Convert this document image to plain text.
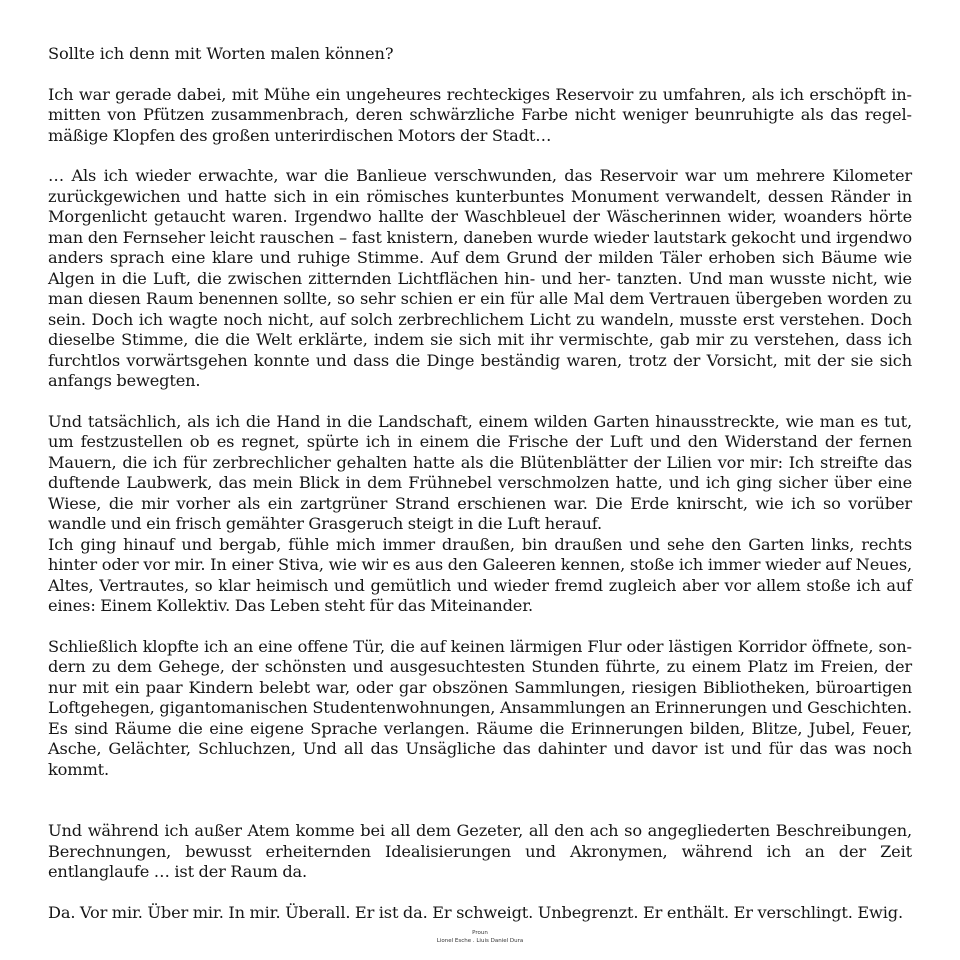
Sollte ich denn mit Worten malen können?

Ich war gerade dabei, mit Mühe ein ungeheures rechteckiges Reservoir zu umfahren, als ich erschöpft inmitten von Pfützen zusammenbrach, deren schwärzliche Farbe nicht weniger beunruhigte als das regelmäßige Klopfen des großen unterirdischen Motors der Stadt…

… Als ich wieder erwachte, war die Banlieue verschwunden, das Reservoir war um mehrere Kilometer zurückgewichen und hatte sich in ein römisches kunterbuntes Monument verwandelt, dessen Ränder in Morgenlicht getaucht waren. Irgendwo hallte der Waschbleuel der Wäscherinnen wider, woanders hörte man den Fernseher leicht rauschen – fast knistern, daneben wurde wieder lautstark gekocht und irgendwo anders sprach eine klare und ruhige Stimme. Auf dem Grund der milden Täler erhoben sich Bäume wie Algen in die Luft, die zwischen zitternden Lichtflächen hin- und her- tanzten. Und man wusste nicht, wie man diesen Raum benennen sollte, so sehr schien er ein für alle Mal dem Vertrauen übergeben worden zu sein. Doch ich wagte noch nicht, auf solch zerbrechlichem Licht zu wandeln, musste erst verstehen. Doch dieselbe Stimme, die die Welt erklärte, indem sie sich mit ihr vermischte, gab mir zu verstehen, dass ich furchtlos vorwärtsgehen konnte und dass die Dinge beständig waren, trotz der Vorsicht, mit der sie sich anfangs bewegten.

Und tatsächlich, als ich die Hand in die Landschaft, einem wilden Garten hinausstreckte, wie man es tut, um festzustellen ob es regnet, spürte ich in einem die Frische der Luft und den Widerstand der fernen Mauern, die ich für zerbrechlicher gehalten hatte als die Blütenblätter der Lilien vor mir: Ich streifte das duftende Laubwerk, das mein Blick in dem Frühnebel verschmolzen hatte, und ich ging sicher über eine Wiese, die mir vorher als ein zartgrüner Strand erschienen war. Die Erde knirscht, wie ich so vorüber wandle und ein frisch gemähter Grasgeruch steigt in die Luft herauf.

Ich ging hinauf und bergab, fühle mich immer draußen, bin draußen und sehe den Garten links, rechts hinter oder vor mir. In einer Stiva, wie wir es aus den Galeeren kennen, stoße ich immer wieder auf Neues, Altes, Vertrautes, so klar heimisch und gemütlich und wieder fremd zugleich aber vor allem stoße ich auf eines: Einem Kollektiv. Das Leben steht für das Miteinander.

Schließlich klopfte ich an eine offene Tür, die auf keinen lärmigen Flur oder lästigen Korridor öffnete, sondern zu dem Gehege, der schönsten und ausgesuchtesten Stunden führte, zu einem Platz im Freien, der nur mit ein paar Kindern belebt war, oder gar obszönen Sammlungen, riesigen Bibliotheken, büroartigen Loftgehegen, gigantomanischen Studentenwohnungen, Ansammlungen an Erinnerungen und Geschichten. Es sind Räume die eine eigene Sprache verlangen. Räume die Erinnerungen bilden, Blitze, Jubel, Feuer, Asche, Gelächter, Schluchzen, Und all das Unsägliche das dahinter und davor ist und für das was noch kommt.

Und während ich außer Atem komme bei all dem Gezeter, all den ach so angegliederten Beschreibungen, Berechnungen, bewusst erheiternden Idealisierungen und Akronymen, während ich an der Zeit entlanglaufe … ist der Raum da.

Da. Vor mir. Über mir. In mir. Überall. Er ist da. Er schweigt. Unbegrenzt. Er enthält. Er verschlingt. Ewig.

Proun
Lionel Esche . Liuis Daniel Dura
